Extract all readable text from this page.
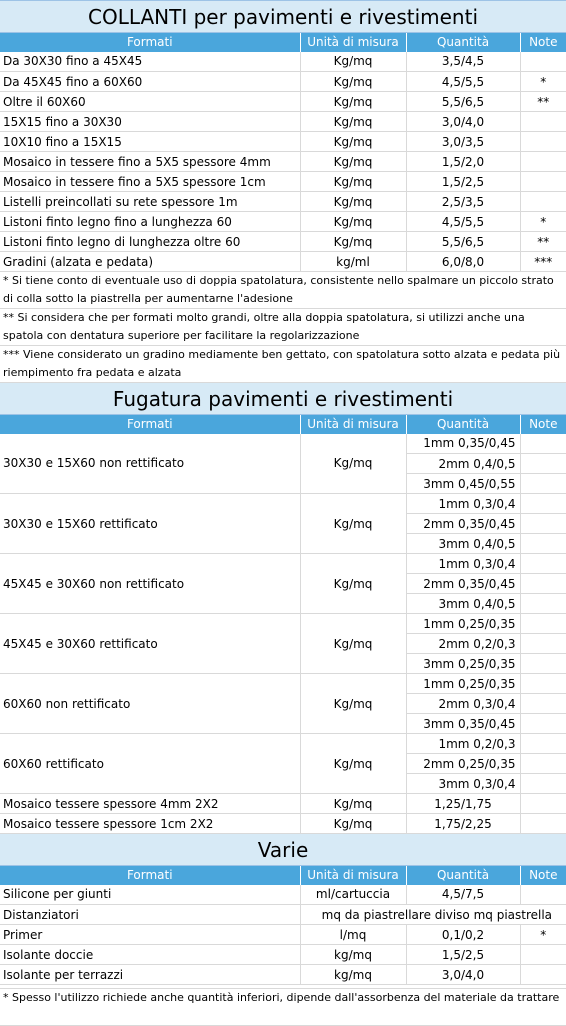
COLLANTI per pavimenti e rivestimenti			
Formati	Unità di misura	Quantità	Note
Da 30X30 fino a 45X45	Kg/mq	3,5/4,5	
Da 45X45 fino a 60X60	Kg/mq	4,5/5,5	*
Oltre il 60X60	Kg/mq	5,5/6,5	**
15X15 fino a 30X30	Kg/mq	3,0/4,0	
10X10 fino a 15X15	Kg/mq	3,0/3,5	
Mosaico in tessere fino a 5X5 spessore 4mm	Kg/mq	1,5/2,0	
Mosaico in tessere fino a 5X5 spessore 1cm	Kg/mq	1,5/2,5	
Listelli preincollati su rete spessore 1m	Kg/mq	2,5/3,5	
Listoni finto legno fino a lunghezza 60	Kg/mq	4,5/5,5	*
Listoni finto legno di lunghezza oltre 60	Kg/mq	5,5/6,5	**
Gradini (alzata e pedata)	kg/ml	6,0/8,0	***
* Si tiene conto di eventuale uso di doppia spatolatura, consistente nello spalmare un piccolo strato di colla sotto la piastrella per aumentarne l'adesione			
** Si considera che per formati molto grandi, oltre alla doppia spatolatura, si utilizzi anche una spatola con dentatura superiore per facilitare la regolarizzazione			
*** Viene considerato un gradino mediamente ben gettato, con spatolatura sotto alzata e pedata più riempimento fra pedata e alzata			
Fugatura pavimenti e rivestimenti			
Formati	Unità di misura	Quantità	Note
30X30 e 15X60 non rettificato	Kg/mq	1mm 0,35/0,45	
		2mm 0,4/0,5	
		3mm 0,45/0,55	
30X30 e 15X60 rettificato	Kg/mq	1mm 0,3/0,4	
		2mm 0,35/0,45	
		3mm 0,4/0,5	
45X45 e 30X60 non rettificato	Kg/mq	1mm 0,3/0,4	
		2mm 0,35/0,45	
		3mm 0,4/0,5	
45X45 e 30X60 rettificato	Kg/mq	1mm 0,25/0,35	
		2mm 0,2/0,3	
		3mm 0,25/0,35	
60X60 non rettificato	Kg/mq	1mm 0,25/0,35	
		2mm 0,3/0,4	
		3mm 0,35/0,45	
60X60 rettificato	Kg/mq	1mm 0,2/0,3	
		2mm 0,25/0,35	
		3mm 0,3/0,4	
Mosaico tessere spessore 4mm 2X2	Kg/mq	1,25/1,75	
Mosaico tessere spessore 1cm 2X2	Kg/mq	1,75/2,25	
Varie			
Formati	Unità di misura	Quantità	Note
Silicone per giunti	ml/cartuccia	4,5/7,5	
Distanziatori	mq da piastrellare diviso mq piastrella		
Primer	l/mq	0,1/0,2	*
Isolante doccie	kg/mq	1,5/2,5	
Isolante per terrazzi	kg/mq	3,0/4,0	

* Spesso l'utilizzo richiede anche quantità inferiori, dipende dall'assorbenza del materiale da trattare			
